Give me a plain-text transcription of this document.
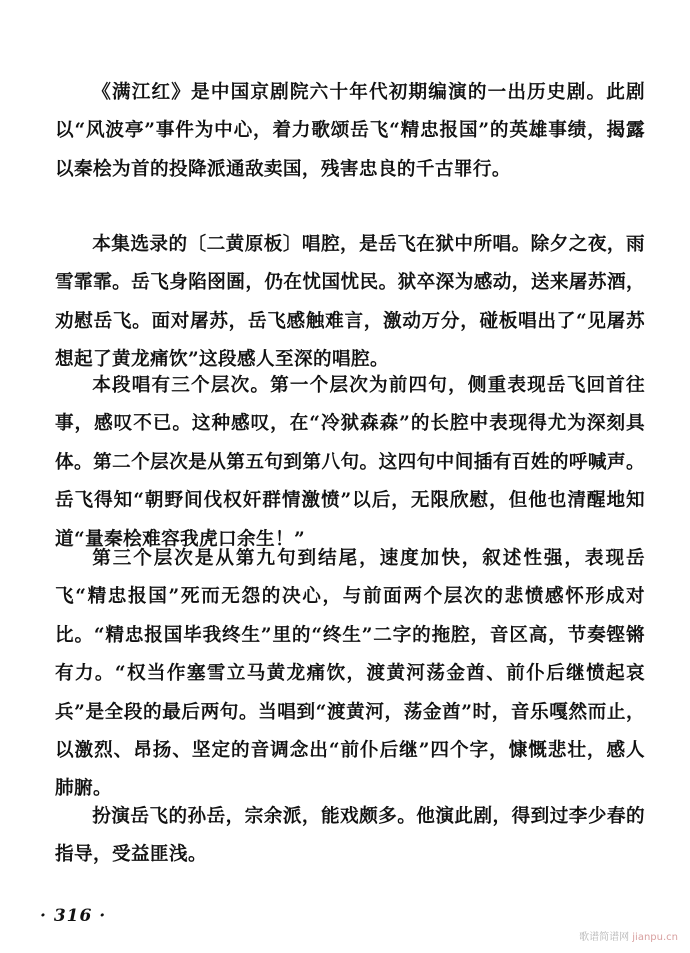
《满江红》是中国京剧院六十年代初期编演的一出历史剧。此剧以“风波亭”事件为中心，着力歌颂岳飞“精忠报国”的英雄事绩，揭露以秦桧为首的投降派通敌卖国，残害忠良的千古罪行。

本集选录的〔二黄原板〕唱腔，是岳飞在狱中所唱。除夕之夜，雨雪霏霏。岳飞身陷囹圄，仍在忧国忧民。狱卒深为感动，送来屠苏酒，劝慰岳飞。面对屠苏，岳飞感触难言，激动万分，碰板唱出了“见屠苏想起了黄龙痛饮”这段感人至深的唱腔。

本段唱有三个层次。第一个层次为前四句，侧重表现岳飞回首往事，感叹不已。这种感叹，在“冷狱森森”的长腔中表现得尤为深刻具体。第二个层次是从第五句到第八句。这四句中间插有百姓的呼喊声。岳飞得知“朝野间伐权奸群情激愤”以后，无限欣慰，但他也清醒地知道“量秦桧难容我虎口余生！”

第三个层次是从第九句到结尾，速度加快，叙述性强，表现岳飞“精忠报国”死而无怨的决心，与前面两个层次的悲愤感怀形成对比。“精忠报国毕我终生”里的“终生”二字的拖腔，音区高，节奏铿锵有力。“权当作塞雪立马黄龙痛饮，渡黄河荡金酋、前仆后继愤起哀兵”是全段的最后两句。当唱到“渡黄河，荡金酋”时，音乐嘎然而止，以激烈、昂扬、坚定的音调念出“前仆后继”四个字，慷慨悲壮，感人肺腑。

扮演岳飞的孙岳，宗余派，能戏颇多。他演此剧，得到过李少春的指导，受益匪浅。

· 316 ·
歌谱简谱网 jianpu.cn
